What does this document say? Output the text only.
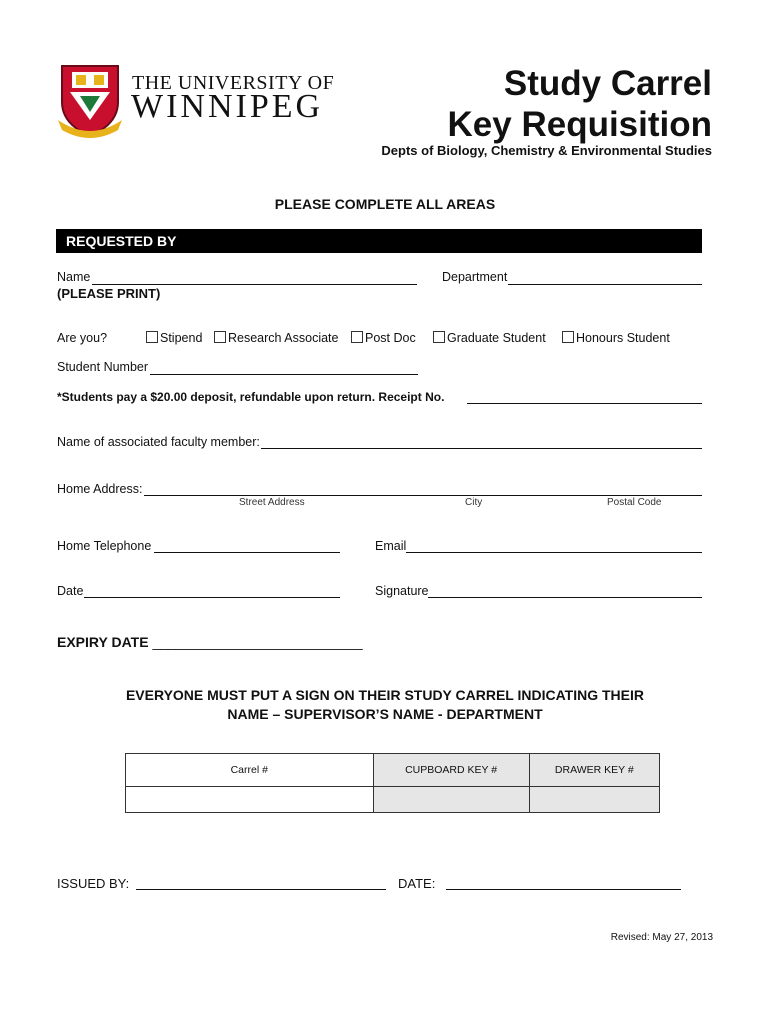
THE UNIVERSITY OF
WINNIPEG
Study Carrel
Key Requisition
Depts of Biology, Chemistry & Environmental Studies
PLEASE COMPLETE ALL AREAS
REQUESTED BY
Name
(PLEASE PRINT)
Department
Are you?	Stipend	Research Associate	Post Doc	Graduate Student	Honours Student
Student Number
*Students pay a $20.00 deposit, refundable upon return. Receipt No.
Name of associated faculty member:
Home Address:
Street Address	City	Postal Code
Home Telephone	Email
Date	Signature
EXPIRY DATE ___________________________
EVERYONE MUST PUT A SIGN ON THEIR STUDY CARREL INDICATING THEIR
NAME – SUPERVISOR’S NAME - DEPARTMENT
Carrel #	CUPBOARD KEY #	DRAWER KEY #

ISSUED BY:	DATE:
Revised: May 27, 2013
